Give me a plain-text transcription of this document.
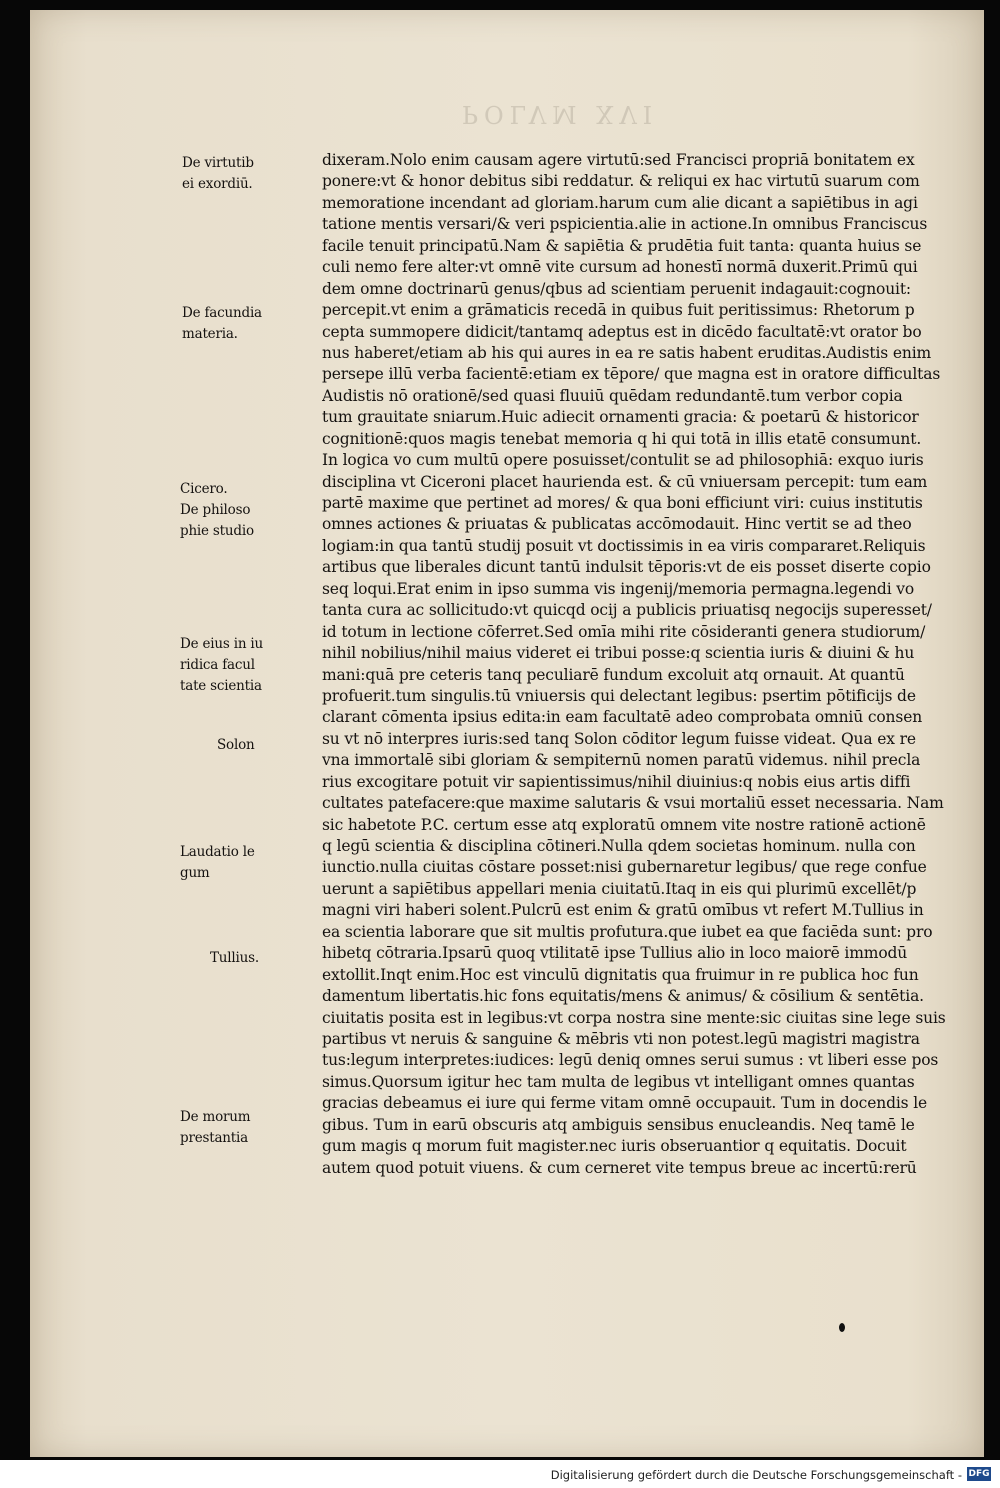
POLVM XVI
dixeram.Nolo enim causam agere virtutū:sed Francisci propriā bonitatem ex
ponere:vt & honor debitus sibi reddatur. & reliqui ex hac virtutū suarum com
memoratione incendant ad gloriam.harum cum alie dicant a sapiētibus in agi
tatione mentis versari/& veri pspicientia.alie in actione.In omnibus Franciscus
facile tenuit principatū.Nam & sapiētia & prudētia fuit tanta: quanta huius se
culi nemo fere alter:vt omnē vite cursum ad honestī normā duxerit.Primū qui
dem omne doctrinarū genus/qbus ad scientiam peruenit indagauit:cognouit:
percepit.vt enim a grāmaticis recedā in quibus fuit peritissimus: Rhetorum p
cepta summopere didicit/tantamq adeptus est in dicēdo facultatē:vt orator bo
nus haberet/etiam ab his qui aures in ea re satis habent eruditas.Audistis enim
persepe illū verba facientē:etiam ex tēpore/ que magna est in oratore difficultas
Audistis nō orationē/sed quasi fluuiū quēdam redundantē.tum verbor copia
tum grauitate sniarum.Huic adiecit ornamenti gracia: & poetarū & historicor
cognitionē:quos magis tenebat memoria q hi qui totā in illis etatē consumunt.
In logica vo cum multū opere posuisset/contulit se ad philosophiā: exquo iuris
disciplina vt Ciceroni placet haurienda est. & cū vniuersam percepit: tum eam
partē maxime que pertinet ad mores/ & qua boni efficiunt viri: cuius institutis
omnes actiones & priuatas & publicatas accōmodauit. Hinc vertit se ad theo
logiam:in qua tantū studij posuit vt doctissimis in ea viris compararet.Reliquis
artibus que liberales dicunt tantū indulsit tēporis:vt de eis posset diserte copio
seq loqui.Erat enim in ipso summa vis ingenij/memoria permagna.legendi vo
tanta cura ac sollicitudo:vt quicqd ocij a publicis priuatisq negocijs superesset/
id totum in lectione cōferret.Sed omīa mihi rite cōsideranti genera studiorum/
nihil nobilius/nihil maius videret ei tribui posse:q scientia iuris & diuini & hu
mani:quā pre ceteris tanq peculiarē fundum excoluit atq ornauit. At quantū
profuerit.tum singulis.tū vniuersis qui delectant legibus: psertim pōtificijs de
clarant cōmenta ipsius edita:in eam facultatē adeo comprobata omniū consen
su vt nō interpres iuris:sed tanq Solon cōditor legum fuisse videat. Qua ex re
vna immortalē sibi gloriam & sempiternū nomen paratū videmus. nihil precla
rius excogitare potuit vir sapientissimus/nihil diuinius:q nobis eius artis diffi
cultates patefacere:que maxime salutaris & vsui mortaliū esset necessaria. Nam
sic habetote P.C. certum esse atq exploratū omnem vite nostre rationē actionē
q legū scientia & disciplina cōtineri.Nulla qdem societas hominum. nulla con
iunctio.nulla ciuitas cōstare posset:nisi gubernaretur legibus/ que rege confue
uerunt a sapiētibus appellari menia ciuitatū.Itaq in eis qui plurimū excellēt/p
magni viri haberi solent.Pulcrū est enim & gratū omībus vt refert M.Tullius in
ea scientia laborare que sit multis profutura.que iubet ea que faciēda sunt: pro
hibetq cōtraria.Ipsarū quoq vtilitatē ipse Tullius alio in loco maiorē immodū
extollit.Inqt enim.Hoc est vinculū dignitatis qua fruimur in re publica hoc fun
damentum libertatis.hic fons equitatis/mens & animus/ & cōsilium & sentētia.
ciuitatis posita est in legibus:vt corpa nostra sine mente:sic ciuitas sine lege suis
partibus vt neruis & sanguine & mēbris vti non potest.legū magistri magistra
tus:legum interpretes:iudices: legū deniq omnes serui sumus : vt liberi esse pos
simus.Quorsum igitur hec tam multa de legibus vt intelligant omnes quantas
gracias debeamus ei iure qui ferme vitam omnē occupauit. Tum in docendis le
gibus. Tum in earū obscuris atq ambiguis sensibus enucleandis. Neq tamē le
gum magis q morum fuit magister.nec iuris obseruantior q equitatis. Docuit
autem quod potuit viuens. & cum cerneret vite tempus breue ac incertū:rerū
De virtutib
ei exordiū.
De facundia
materia.
Cicero.
De philoso
phie studio
De eius in iu
ridica facul
tate scientia
Solon
Laudatio le
gum
Tullius.
De morum
prestantia
Digitalisierung gefördert durch die Deutsche Forschungsgemeinschaft - DFG
